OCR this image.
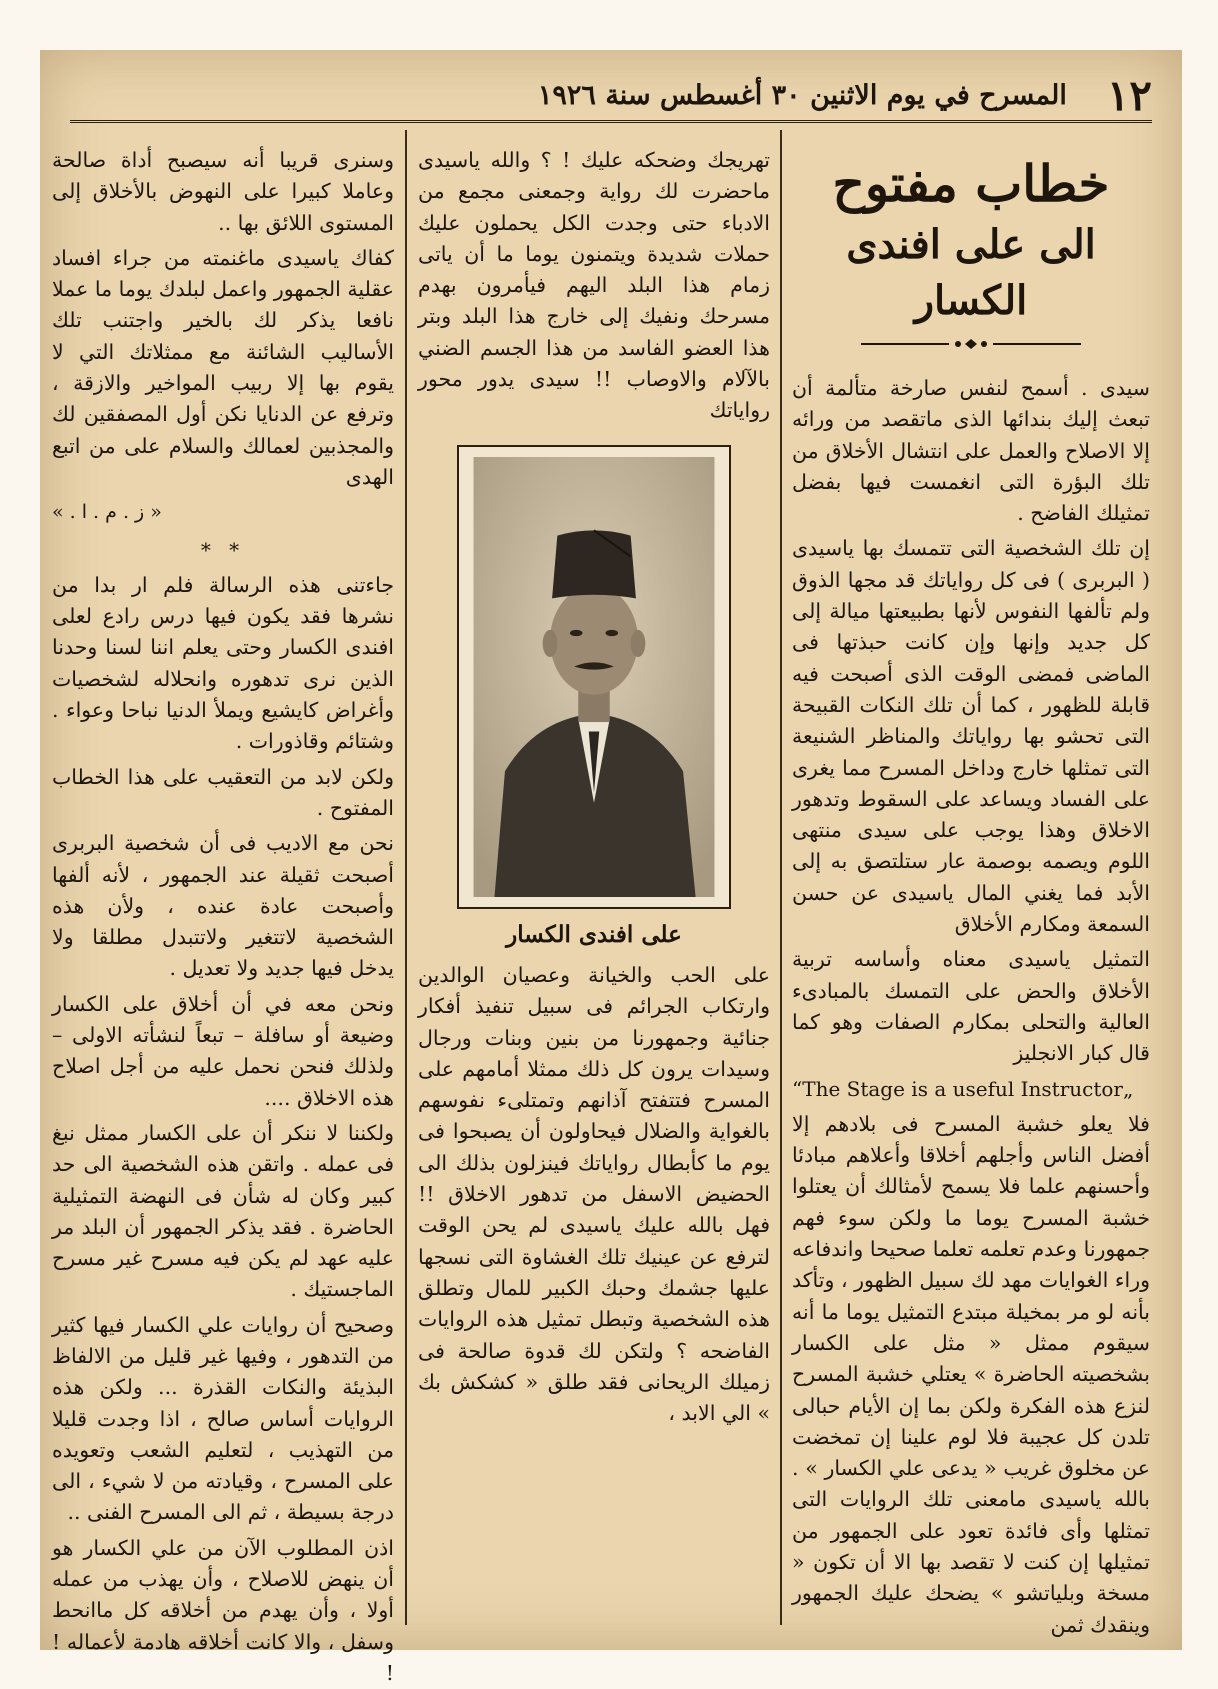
١٢
المسرح في يوم الاثنين ٣٠ أغسطس سنة ١٩٢٦
خطاب مفتوح
الى على افندى الكسار

سيدى . أسمح لنفس صارخة متألمة أن تبعث إليك بندائها الذى ماتقصد من ورائه إلا الاصلاح والعمل على انتشال الأخلاق من تلك البؤرة التى انغمست فيها بفضل تمثيلك الفاضح .

إن تلك الشخصية التى تتمسك بها ياسيدى ( البربرى ) فى كل رواياتك قد مجها الذوق ولم تألفها النفوس لأنها بطبيعتها ميالة إلى كل جديد وإنها وإن كانت حبذتها فى الماضى فمضى الوقت الذى أصبحت فيه قابلة للظهور ، كما أن تلك النكات القبيحة التى تحشو بها رواياتك والمناظر الشنيعة التى تمثلها خارج وداخل المسرح مما يغرى على الفساد ويساعد على السقوط وتدهور الاخلاق وهذا يوجب على سيدى منتهى اللوم ويصمه بوصمة عار ستلتصق به إلى الأبد فما يغني المال ياسيدى عن حسن السمعة ومكارم الأخلاق

التمثيل ياسيدى معناه وأساسه تربية الأخلاق والحض على التمسك بالمبادىء العالية والتحلى بمكارم الصفات وهو كما قال كبار الانجليز

“The Stage is a useful Instructor„

فلا يعلو خشبة المسرح فى بلادهم إلا أفضل الناس وأجلهم أخلاقا وأعلاهم مبادئا وأحسنهم علما فلا يسمح لأمثالك أن يعتلوا خشبة المسرح يوما ما ولكن سوء فهم جمهورنا وعدم تعلمه تعلما صحيحا واندفاعه وراء الغوايات مهد لك سبيل الظهور ، وتأكد بأنه لو مر بمخيلة مبتدع التمثيل يوما ما أنه سيقوم ممثل « مثل على الكسار بشخصيته الحاضرة » يعتلي خشبة المسرح لنزع هذه الفكرة ولكن بما إن الأيام حبالى تلدن كل عجيبة فلا لوم علينا إن تمخضت عن مخلوق غريب « يدعى علي الكسار » . بالله ياسيدى مامعنى تلك الروايات التى تمثلها وأى فائدة تعود على الجمهور من تمثيلها إن كنت لا تقصد بها الا أن تكون « مسخة وبلياتشو » يضحك عليك الجمهور وينقدك ثمن

تهريجك وضحكه عليك ! ؟ والله ياسيدى ماحضرت لك رواية وجمعنى مجمع من الادباء حتى وجدت الكل يحملون عليك حملات شديدة ويتمنون يوما ما أن ياتى زمام هذا البلد اليهم فيأمرون بهدم مسرحك ونفيك إلى خارج هذا البلد وبتر هذا العضو الفاسد من هذا الجسم الضني بالآلام والاوصاب !! سيدى يدور محور رواياتك

على افندى الكسار

على الحب والخيانة وعصيان الوالدين وارتكاب الجرائم فى سبيل تنفيذ أفكار جنائية وجمهورنا من بنين وبنات ورجال وسيدات يرون كل ذلك ممثلا أمامهم على المسرح فتتفتح آذانهم وتمتلىء نفوسهم بالغواية والضلال فيحاولون أن يصبحوا فى يوم ما كأبطال رواياتك فينزلون بذلك الى الحضيض الاسفل من تدهور الاخلاق !! فهل بالله عليك ياسيدى لم يحن الوقت لترفع عن عينيك تلك الغشاوة التى نسجها عليها جشمك وحبك الكبير للمال وتطلق هذه الشخصية وتبطل تمثيل هذه الروايات الفاضحه ؟ ولتكن لك قدوة صالحة فى زميلك الريحانى فقد طلق « كشكش بك » الي الابد ،

وسنرى قريبا أنه سيصبح أداة صالحة وعاملا كبيرا على النهوض بالأخلاق إلى المستوى اللائق بها ..

كفاك ياسيدى ماغنمته من جراء افساد عقلية الجمهور واعمل لبلدك يوما ما عملا نافعا يذكر لك بالخير واجتنب تلك الأساليب الشائنة مع ممثلاتك التي لا يقوم بها إلا ربيب المواخير والازقة ، وترفع عن الدنايا نكن أول المصفقين لك والمجذبين لعمالك والسلام على من اتبع الهدى

« ز . م . ا . »
* *

جاءتنى هذه الرسالة فلم ار بدا من نشرها فقد يكون فيها درس رادع لعلى افندى الكسار وحتى يعلم اننا لسنا وحدنا الذين نرى تدهوره وانحلاله لشخصيات وأغراض كايشيع ويملأ الدنيا نباحا وعواء . وشتائم وقاذورات .

ولكن لابد من التعقيب على هذا الخطاب المفتوح .

نحن مع الاديب فى أن شخصية البربرى أصبحت ثقيلة عند الجمهور ، لأنه ألفها وأصبحت عادة عنده ، ولأن هذه الشخصية لاتتغير ولاتتبدل مطلقا ولا يدخل فيها جديد ولا تعديل .

ونحن معه في أن أخلاق على الكسار وضيعة أو سافلة – تبعاً لنشأته الاولى – ولذلك فنحن نحمل عليه من أجل اصلاح هذه الاخلاق ....

ولكننا لا ننكر أن على الكسار ممثل نبغ فى عمله . واتقن هذه الشخصية الى حد كبير وكان له شأن فى النهضة التمثيلية الحاضرة . فقد يذكر الجمهور أن البلد مر عليه عهد لم يكن فيه مسرح غير مسرح الماجستيك .

وصحيح أن روايات علي الكسار فيها كثير من التدهور ، وفيها غير قليل من الالفاظ البذيئة والنكات القذرة ... ولكن هذه الروايات أساس صالح ، اذا وجدت قليلا من التهذيب ، لتعليم الشعب وتعويده على المسرح ، وقيادته من لا شيء ، الى درجة بسيطة ، ثم الى المسرح الفنى ..

اذن المطلوب الآن من علي الكسار هو أن ينهض للاصلاح ، وأن يهذب من عمله أولا ، وأن يهدم من أخلاقه كل ماانحط وسفل ، والا كانت أخلاقه هادمة لأعماله ! !
